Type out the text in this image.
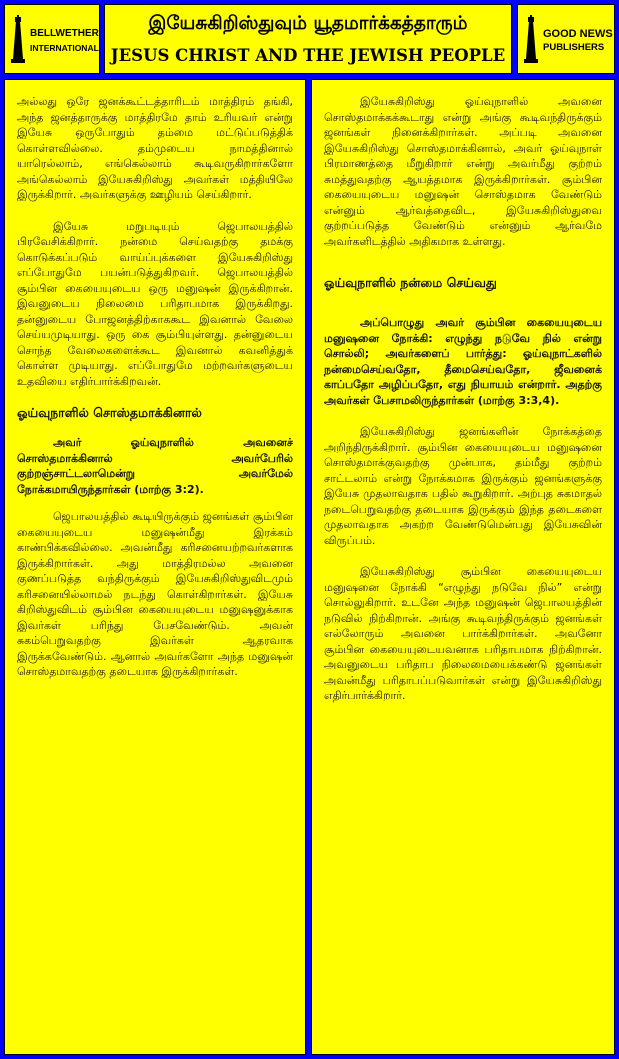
BELLWETHER
INTERNATIONAL
இயேசுகிறிஸ்துவும் யூதமார்க்கத்தாரும்
JESUS CHRIST AND THE JEWISH PEOPLE
GOOD NEWS
PUBLISHERS

அல்லது ஒரே ஜனக்கூட்டத்தாரிடம் மாத்திரம் தங்கி, அந்த ஜனத்தாருக்கு மாத்திரமே தாம் உரியவர் என்று இயேசு ஒருபோதும் தம்மை மட்டுப்படுத்திக் கொள்ளவில்லை. தம்முடைய நாமத்தினால் யாரெல்லாம், எங்கெல்லாம் கூடிவருகிறார்களோ அங்கெல்லாம் இயேசுகிறிஸ்து அவர்கள் மத்தியிலே இருக்கிறார். அவர்களுக்கு ஊழியம் செய்கிறார்.

இயேசு மறுபடியும் ஜெபாலயத்தில் பிரவேசிக்கிறார். நன்மை செய்வதற்கு தமக்கு கொடுக்கப்படும் வாய்ப்புக்களை இயேசுகிறிஸ்து எப்போதுமே பயன்படுத்துகிறவர். ஜெபாலயத்தில் சூம்பின கையையுடைய ஒரு மனுஷன் இருக்கிறான். இவனுடைய நிலைமை பரிதாபமாக இருக்கிறது. தன்னுடைய போஜனத்திற்காககூட இவனால் வேலை செய்யமுடியாது. ஒரு கை சூம்பியுள்ளது. தன்னுடைய சொந்த வேலைகளைக்கூட இவனால் கவனித்துக் கொள்ள முடியாது. எப்போதுமே மற்றவர்களுடைய உதவியை எதிர்பார்க்கிறவன்.

ஓய்வுநாளில் சொஸ்தமாக்கினால்

அவர் ஓய்வுநாளில் அவனைச் சொஸ்தமாக்கினால் அவர்பேரில் குற்றஞ்சாட்டலாமென்று அவர்மேல் நோக்கமாயிருந்தார்கள் (மாற்கு 3:2).

ஜெபாலயத்தில் கூடியிருக்கும் ஜனங்கள் சூம்பின கையையுடைய மனுஷன்மீது இரக்கம் காண்பிக்கவில்லை. அவன்மீது கரிசனையற்றவர்களாக இருக்கிறார்கள். அது மாத்திரமல்ல அவனை குணப்படுத்த வந்திருக்கும் இயேசுகிறிஸ்துவிடமும் கரிசனையில்லாமல் நடந்து கொள்கிறார்கள். இயேசு கிறிஸ்துவிடம் சூம்பின கையையுடைய மனுஷனுக்காக இவர்கள் பரிந்து பேசவேண்டும். அவன் சுகம்பெறுவதற்கு இவர்கள் ஆதரவாக இருக்கவேண்டும். ஆனால் அவர்களோ அந்த மனுஷன் சொஸ்தமாவதற்கு தடையாக இருக்கிறார்கள்.

இயேசுகிறிஸ்து ஓய்வுநாளில் அவனை சொஸ்தமாக்கக்கூடாது என்று அங்கு கூடிவந்திருக்கும் ஜனங்கள் நினைக்கிறார்கள். அப்படி அவனை இயேசுகிறிஸ்து சொஸ்தமாக்கினால், அவர் ஓய்வுநாள் பிரமாணத்தை மீறுகிறார் என்று அவர்மீது குற்றம் சுமத்துவதற்கு ஆயத்தமாக இருக்கிறார்கள். சூம்பின கையையுடைய மனுஷன் சொஸ்தமாக வேண்டும் என்னும் ஆர்வத்தைவிட, இயேசுகிறிஸ்துவை குற்றப்படுத்த வேண்டும் என்னும் ஆர்வமே அவர்களிடத்தில் அதிகமாக உள்ளது.

ஓய்வுநாளில் நன்மை செய்வது

அப்பொழுது அவர் சூம்பின கையையுடைய மனுஷனை நோக்கி: எழுந்து நடுவே நில் என்று சொல்லி; அவர்களைப் பார்த்து: ஓய்வுநாட்களில் நன்மைசெய்வதோ, தீமைசெய்வதோ, ஜீவனைக் காப்பதோ அழிப்பதோ, எது நியாயம் என்றார். அதற்கு அவர்கள் பேசாமலிருந்தார்கள் (மாற்கு 3:3,4).

இயேசுகிறிஸ்து ஜனங்களின் நோக்கத்தை அறிந்திருக்கிறார். சூம்பின கையையுடைய மனுஷனை சொஸ்தமாக்குவதற்கு முன்பாக, தம்மீது குற்றம் சாட்டலாம் என்று நோக்கமாக இருக்கும் ஜனங்களுக்கு இயேசு முதலாவதாக பதில் கூறுகிறார். அற்புத சுகமாதல் நடைபெறுவதற்கு தடையாக இருக்கும் இந்த தடைகளை முதலாவதாக அகற்ற வேண்டுமென்பது இயேசுவின் விருப்பம்.

இயேசுகிறிஸ்து சூம்பின கையையுடைய மனுஷனை நோக்கி “எழுந்து நடுவே நில்” என்று சொல்லுகிறார். உடனே அந்த மனுஷன் ஜெபாலயத்தின் நடுவில் நிற்கிறான். அங்கு கூடிவந்திருக்கும் ஜனங்கள் எல்லோரும் அவனை பார்க்கிறார்கள். அவனோ சூம்பின கையையுடையவனாக பரிதாபமாக நிற்கிறான். அவனுடைய பரிதாப நிலைமையைக்கண்டு ஜனங்கள் அவன்மீது பரிதாபப்படுவார்கள் என்று இயேசுகிறிஸ்து எதிர்பார்க்கிறார்.
